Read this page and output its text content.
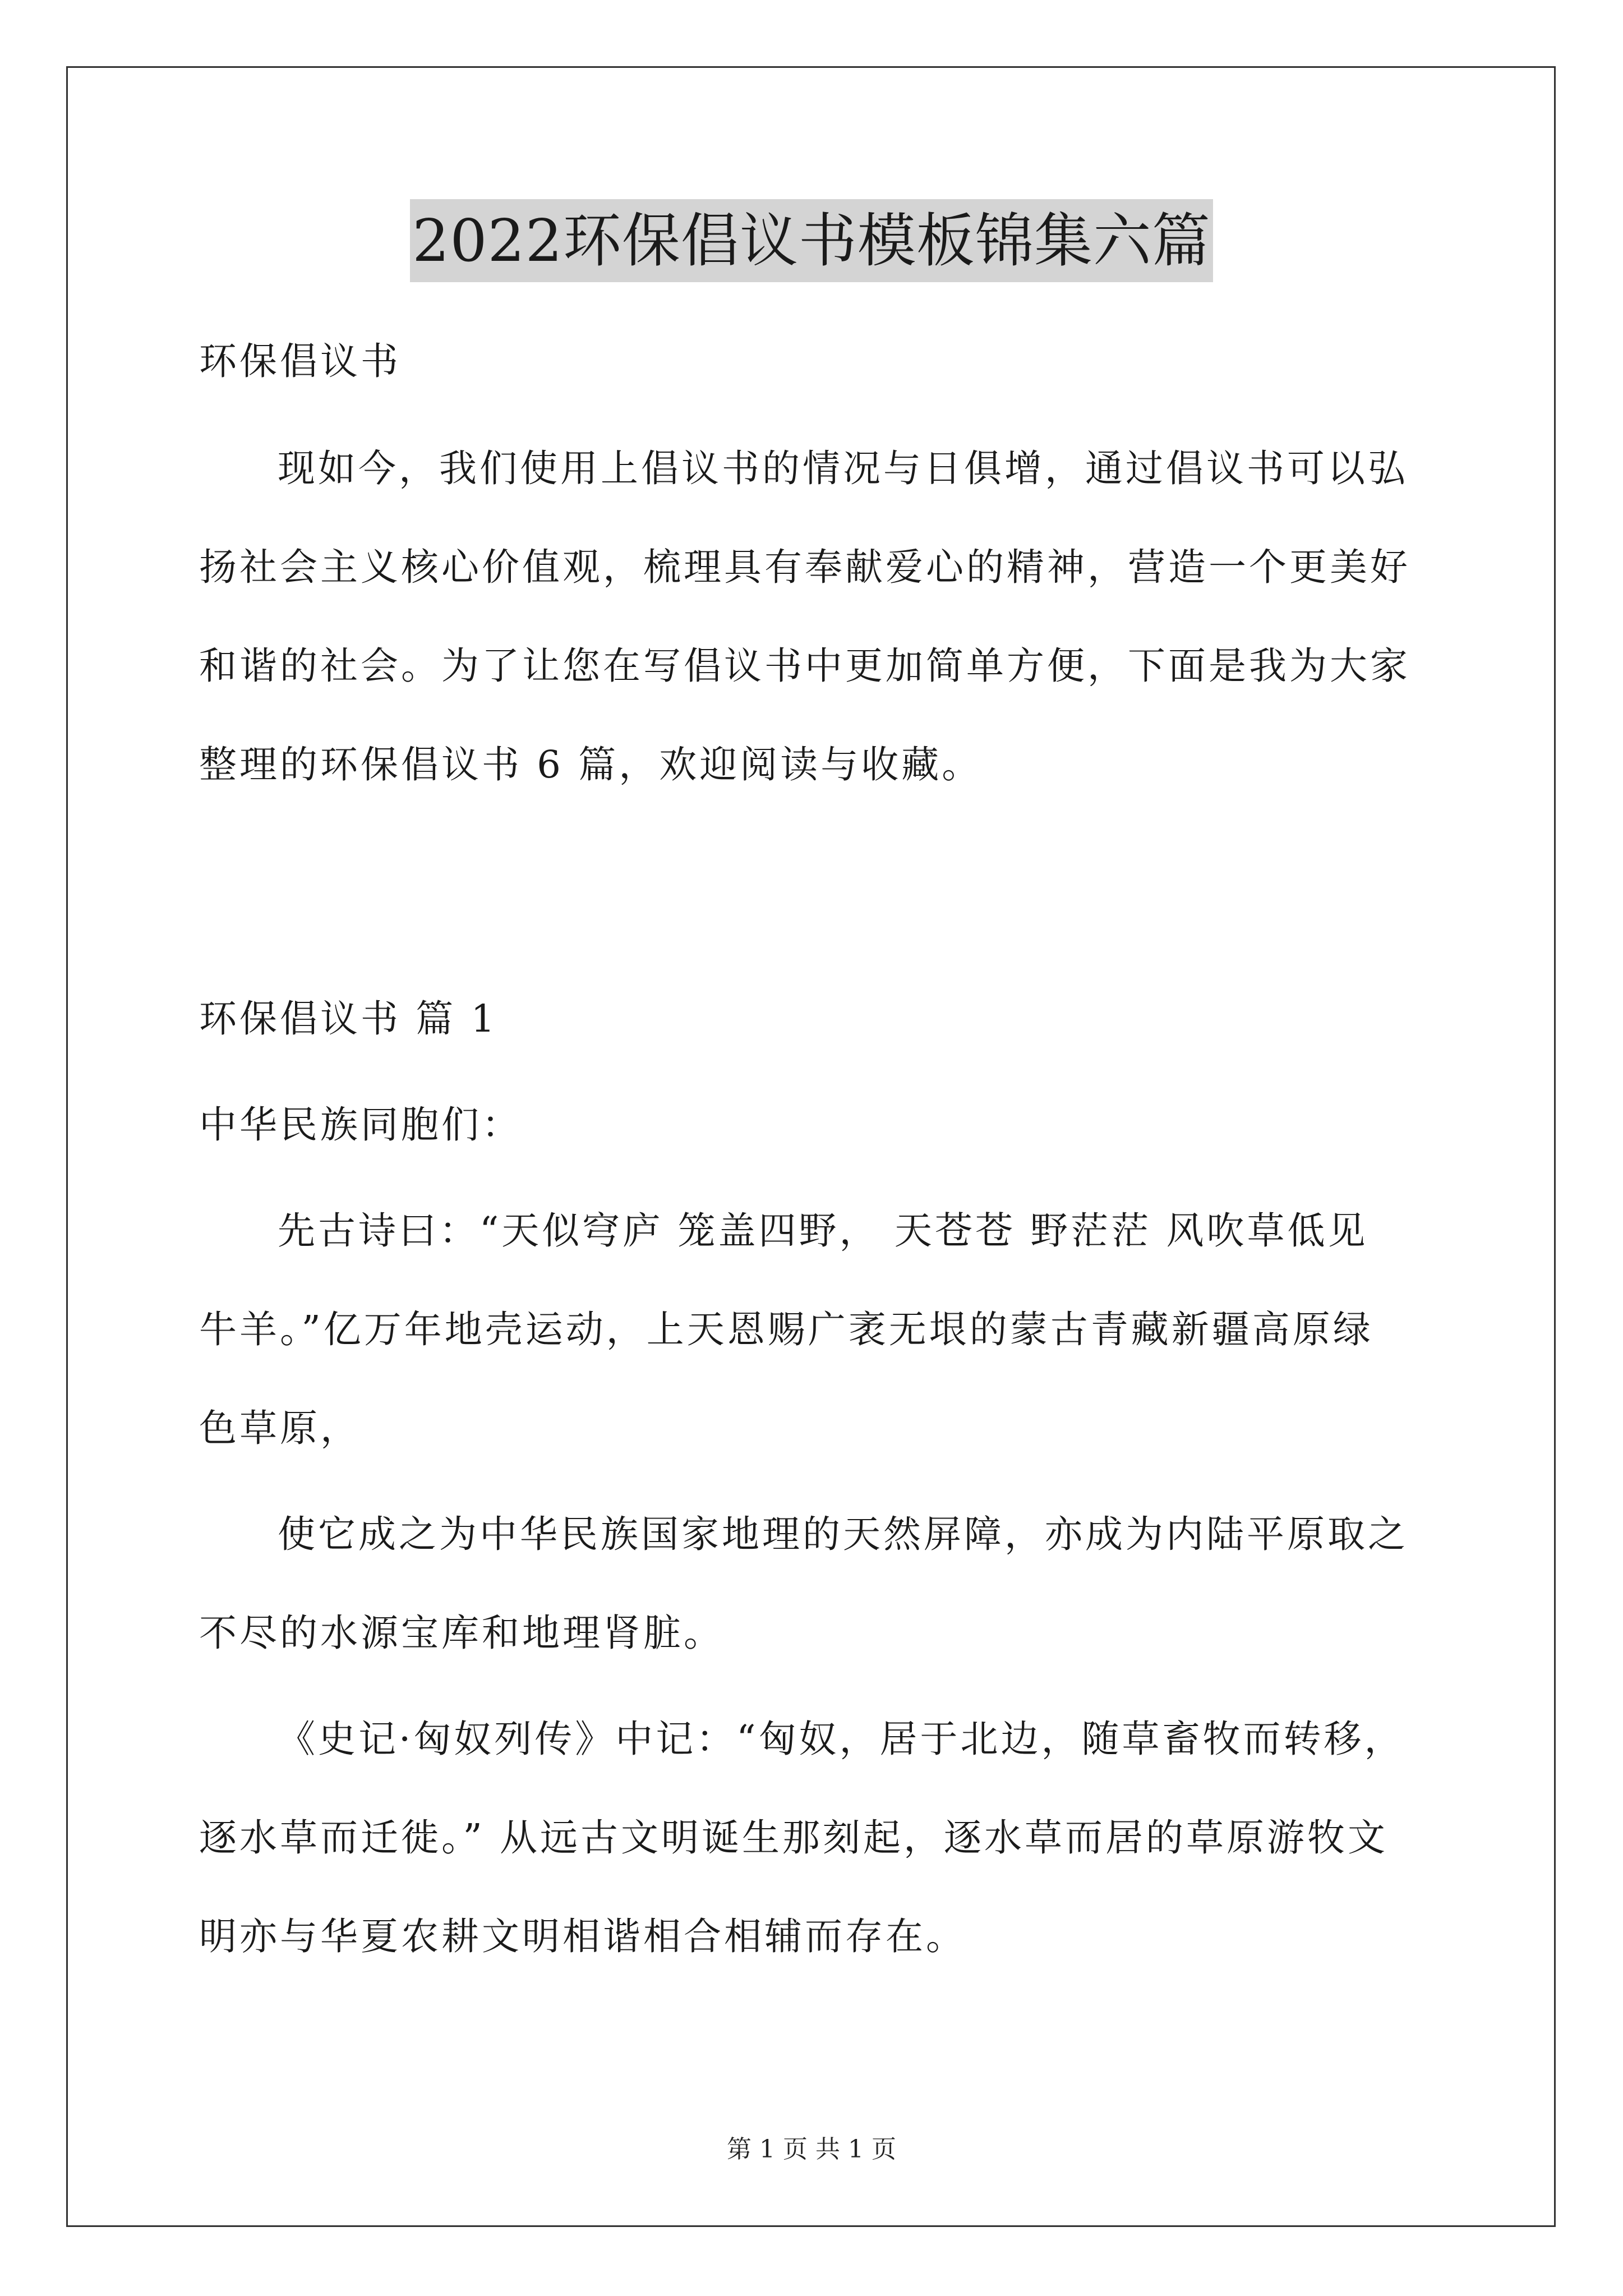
2022环保倡议书模板锦集六篇
环保倡议书
现如今，我们使用上倡议书的情况与日俱增，通过倡议书可以弘
扬社会主义核心价值观，梳理具有奉献爱心的精神，营造一个更美好
和谐的社会。为了让您在写倡议书中更加简单方便，下面是我为大家
整理的环保倡议书 6 篇，欢迎阅读与收藏。
环保倡议书 篇 1
中华民族同胞们：
先古诗曰：“天似穹庐 笼盖四野， 天苍苍 野茫茫 风吹草低见
牛羊。”亿万年地壳运动，上天恩赐广袤无垠的蒙古青藏新疆高原绿
色草原，
使它成之为中华民族国家地理的天然屏障，亦成为内陆平原取之
不尽的水源宝库和地理肾脏。
《史记·匈奴列传》中记：“匈奴，居于北边，随草畜牧而转移，
逐水草而迁徙。” 从远古文明诞生那刻起，逐水草而居的草原游牧文
明亦与华夏农耕文明相谐相合相辅而存在。
第 1 页 共 1 页
